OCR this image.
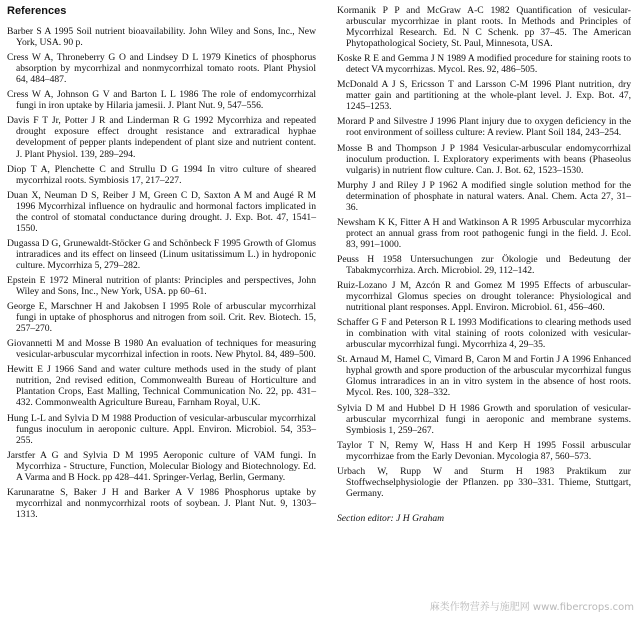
References

Barber S A 1995 Soil nutrient bioavailability. John Wiley and Sons, Inc., New York, USA. 90 p.

Cress W A, Throneberry G O and Lindsey D L 1979 Kinetics of phosphorus absorption by mycorrhizal and nonmycorrhizal tomato roots. Plant Physiol 64, 484–487.

Cress W A, Johnson G V and Barton L L 1986 The role of endomycorrhizal fungi in iron uptake by Hilaria jamesii. J. Plant Nut. 9, 547–556.

Davis F T Jr, Potter J R and Linderman R G 1992 Mycorrhiza and repeated drought exposure effect drought resistance and extraradical hyphae development of pepper plants independent of plant size and nutrient content. J. Plant Physiol. 139, 289–294.

Diop T A, Plenchette C and Strullu D G 1994 In vitro culture of sheared mycorrhizal roots. Symbiosis 17, 217–227.

Duan X, Neuman D S, Reiber J M, Green C D, Saxton A M and Augé R M 1996 Mycorrhizal influence on hydraulic and hormonal factors implicated in the control of stomatal conductance during drought. J. Exp. Bot. 47, 1541–1550.

Dugassa D G, Grunewaldt-Stöcker G and Schönbeck F 1995 Growth of Glomus intraradices and its effect on linseed (Linum usitatissimum L.) in hydroponic culture. Mycorrhiza 5, 279–282.

Epstein E 1972 Mineral nutrition of plants: Principles and perspectives, John Wiley and Sons, Inc., New York, USA. pp 60–61.

George E, Marschner H and Jakobsen I 1995 Role of arbuscular mycorrhizal fungi in uptake of phosphorus and nitrogen from soil. Crit. Rev. Biotech. 15, 257–270.

Giovannetti M and Mosse B 1980 An evaluation of techniques for measuring vesicular-arbuscular mycorrhizal infection in roots. New Phytol. 84, 489–500.

Hewitt E J 1966 Sand and water culture methods used in the study of plant nutrition, 2nd revised edition, Commonwealth Bureau of Horticulture and Plantation Crops, East Malling, Technical Communication No. 22, pp. 431–432. Commonwealth Agriculture Bureau, Farnham Royal, U.K.

Hung L-L and Sylvia D M 1988 Production of vesicular-arbuscular mycorrhizal fungus inoculum in aeroponic culture. Appl. Environ. Microbiol. 54, 353–255.

Jarstfer A G and Sylvia D M 1995 Aeroponic culture of VAM fungi. In Mycorrhiza - Structure, Function, Molecular Biology and Biotechnology. Ed. A Varma and B Hock. pp 428–441. Springer-Verlag, Berlin, Germany.

Karunaratne S, Baker J H and Barker A V 1986 Phosphorus uptake by mycorrhizal and nonmycorrhizal roots of soybean. J. Plant Nut. 9, 1303–1313.

Kormanik P P and McGraw A-C 1982 Quantification of vesicular-arbuscular mycorrhizae in plant roots. In Methods and Principles of Mycorrhizal Research. Ed. N C Schenk. pp 37–45. The American Phytopathological Society, St. Paul, Minnesota, USA.

Koske R E and Gemma J N 1989 A modified procedure for staining roots to detect VA mycorrhizas. Mycol. Res. 92, 486–505.

McDonald A J S, Ericsson T and Larsson C-M 1996 Plant nutrition, dry matter gain and partitioning at the whole-plant level. J. Exp. Bot. 47, 1245–1253.

Morard P and Silvestre J 1996 Plant injury due to oxygen deficiency in the root environment of soilless culture: A review. Plant Soil 184, 243–254.

Mosse B and Thompson J P 1984 Vesicular-arbuscular endomycorrhizal inoculum production. I. Exploratory experiments with beans (Phaseolus vulgaris) in nutrient flow culture. Can. J. Bot. 62, 1523–1530.

Murphy J and Riley J P 1962 A modified single solution method for the determination of phosphate in natural waters. Anal. Chem. Acta 27, 31–36.

Newsham K K, Fitter A H and Watkinson A R 1995 Arbuscular mycorrhiza protect an annual grass from root pathogenic fungi in the field. J. Ecol. 83, 991–1000.

Peuss H 1958 Untersuchungen zur Ökologie und Bedeutung der Tabakmycorrhiza. Arch. Microbiol. 29, 112–142.

Ruiz-Lozano J M, Azcón R and Gomez M 1995 Effects of arbuscular-mycorrhizal Glomus species on drought tolerance: Physiological and nutritional plant responses. Appl. Environ. Microbiol. 61, 456–460.

Schaffer G F and Peterson R L 1993 Modifications to clearing methods used in combination with vital staining of roots colonized with vesicular-arbuscular mycorrhizal fungi. Mycorrhiza 4, 29–35.

St. Arnaud M, Hamel C, Vimard B, Caron M and Fortin J A 1996 Enhanced hyphal growth and spore production of the arbuscular mycorrhizal fungus Glomus intraradices in an in vitro system in the absence of host roots. Mycol. Res. 100, 328–332.

Sylvia D M and Hubbel D H 1986 Growth and sporulation of vesicular-arbuscular mycorrhizal fungi in aeroponic and membrane systems. Symbiosis 1, 259–267.

Taylor T N, Remy W, Hass H and Kerp H 1995 Fossil arbuscular mycorrhizae from the Early Devonian. Mycologia 87, 560–573.

Urbach W, Rupp W and Sturm H 1983 Praktikum zur Stoffwechselphysiologie der Pflanzen. pp 330–331. Thieme, Stuttgart, Germany.

Section editor: J H Graham
麻类作物营养与施肥网 www.fibercrops.com
